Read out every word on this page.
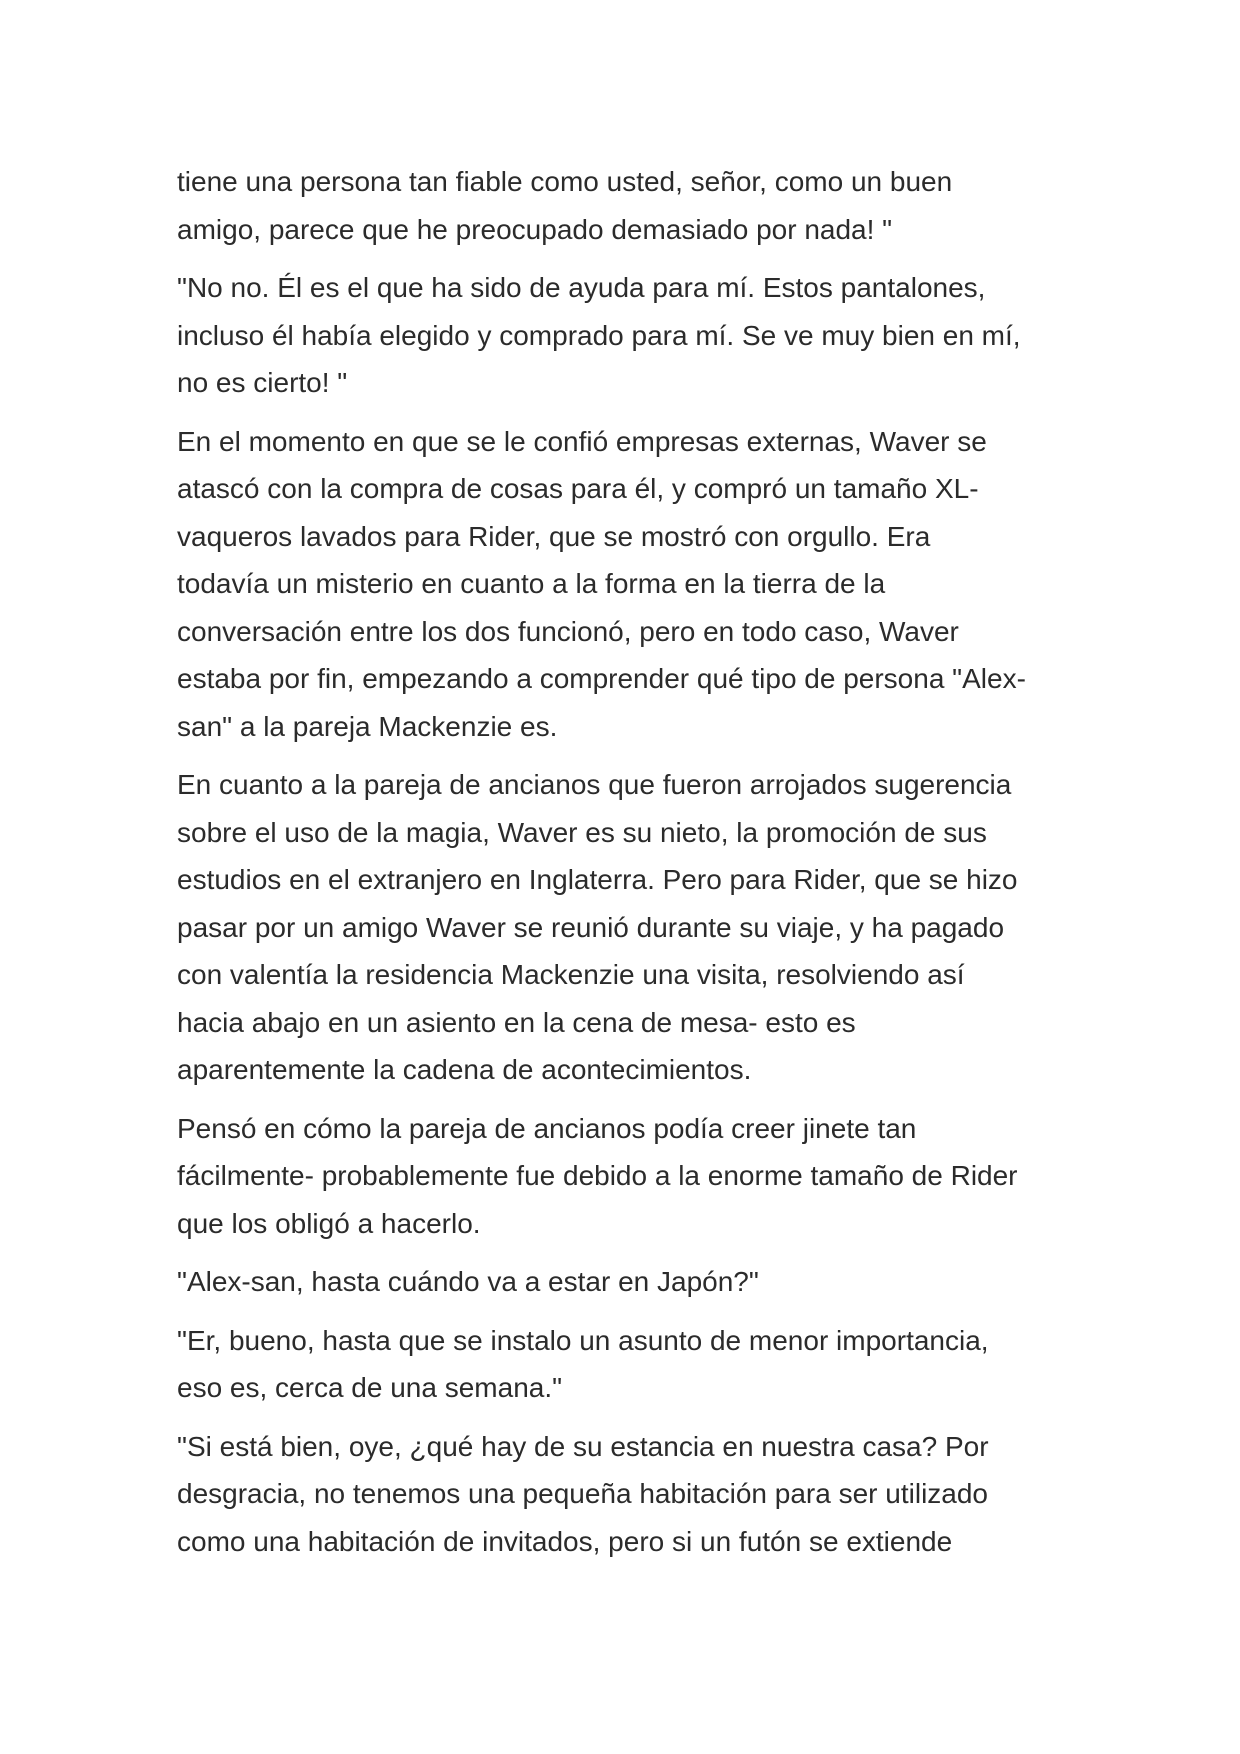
tiene una persona tan fiable como usted, señor, como un buen
amigo, parece que he preocupado demasiado por nada! "

"No no. Él es el que ha sido de ayuda para mí. Estos pantalones,
incluso él había elegido y comprado para mí. Se ve muy bien en mí,
no es cierto! "

En el momento en que se le confió empresas externas, Waver se
atascó con la compra de cosas para él, y compró un tamaño XL-
vaqueros lavados para Rider, que se mostró con orgullo. Era
todavía un misterio en cuanto a la forma en la tierra de la
conversación entre los dos funcionó, pero en todo caso, Waver
estaba por fin, empezando a comprender qué tipo de persona "Alex-
san" a la pareja Mackenzie es.

En cuanto a la pareja de ancianos que fueron arrojados sugerencia
sobre el uso de la magia, Waver es su nieto, la promoción de sus
estudios en el extranjero en Inglaterra. Pero para Rider, que se hizo
pasar por un amigo Waver se reunió durante su viaje, y ha pagado
con valentía la residencia Mackenzie una visita, resolviendo así
hacia abajo en un asiento en la cena de mesa- esto es
aparentemente la cadena de acontecimientos.

Pensó en cómo la pareja de ancianos podía creer jinete tan
fácilmente- probablemente fue debido a la enorme tamaño de Rider
que los obligó a hacerlo.

"Alex-san, hasta cuándo va a estar en Japón?"

"Er, bueno, hasta que se instalo un asunto de menor importancia,
eso es, cerca de una semana."

"Si está bien, oye, ¿qué hay de su estancia en nuestra casa? Por
desgracia, no tenemos una pequeña habitación para ser utilizado
como una habitación de invitados, pero si un futón se extiende
